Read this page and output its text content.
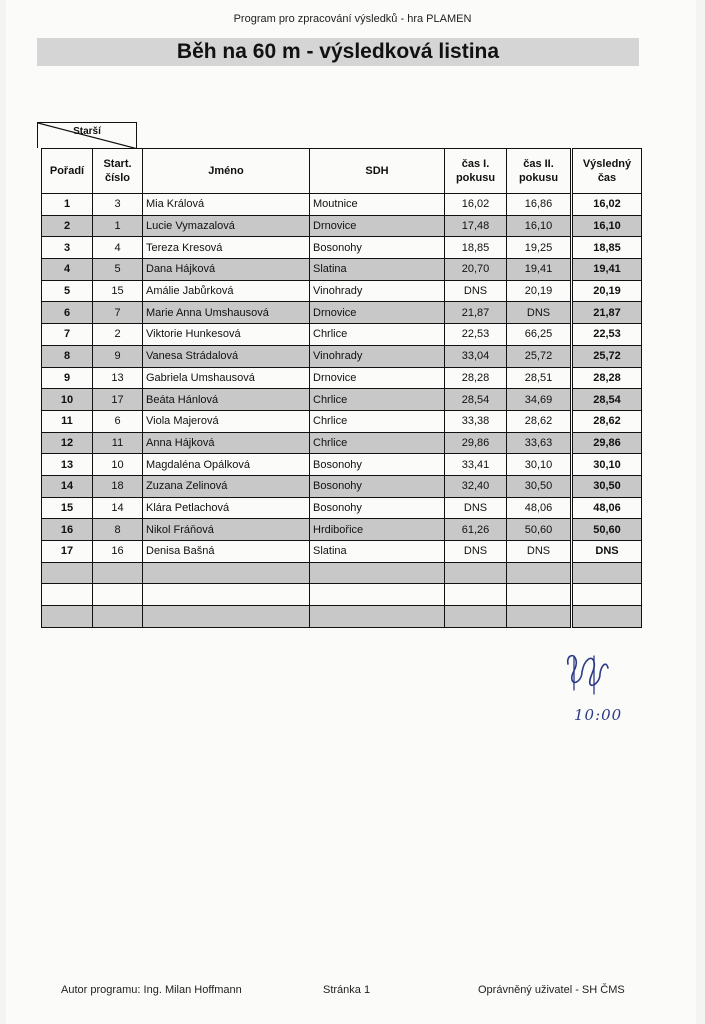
Program pro zpracování výsledků - hra PLAMEN
Běh na 60 m - výsledková listina
Starší
Pořadí	Start. číslo	Jméno	SDH	čas I. pokusu	čas II. pokusu	Výsledný čas
1	3	Mia Králová	Moutnice	16,02	16,86	16,02
2	1	Lucie Vymazalová	Drnovice	17,48	16,10	16,10
3	4	Tereza Kresová	Bosonohy	18,85	19,25	18,85
4	5	Dana Hájková	Slatina	20,70	19,41	19,41
5	15	Amálie Jabůrková	Vinohrady	DNS	20,19	20,19
6	7	Marie Anna Umshausová	Drnovice	21,87	DNS	21,87
7	2	Viktorie Hunkesová	Chrlice	22,53	66,25	22,53
8	9	Vanesa Strádalová	Vinohrady	33,04	25,72	25,72
9	13	Gabriela Umshausová	Drnovice	28,28	28,51	28,28
10	17	Beáta Hánlová	Chrlice	28,54	34,69	28,54
11	6	Viola Majerová	Chrlice	33,38	28,62	28,62
12	11	Anna Hájková	Chrlice	29,86	33,63	29,86
13	10	Magdaléna Opálková	Bosonohy	33,41	30,10	30,10
14	18	Zuzana Zelinová	Bosonohy	32,40	30,50	30,50
15	14	Klára Petlachová	Bosonohy	DNS	48,06	48,06
16	8	Nikol Fráňová	Hrdibořice	61,26	50,60	50,60
17	16	Denisa Bašná	Slatina	DNS	DNS	DNS

10:00
Autor programu: Ing. Milan Hoffmann	Stránka 1	Oprávněný uživatel - SH ČMS
